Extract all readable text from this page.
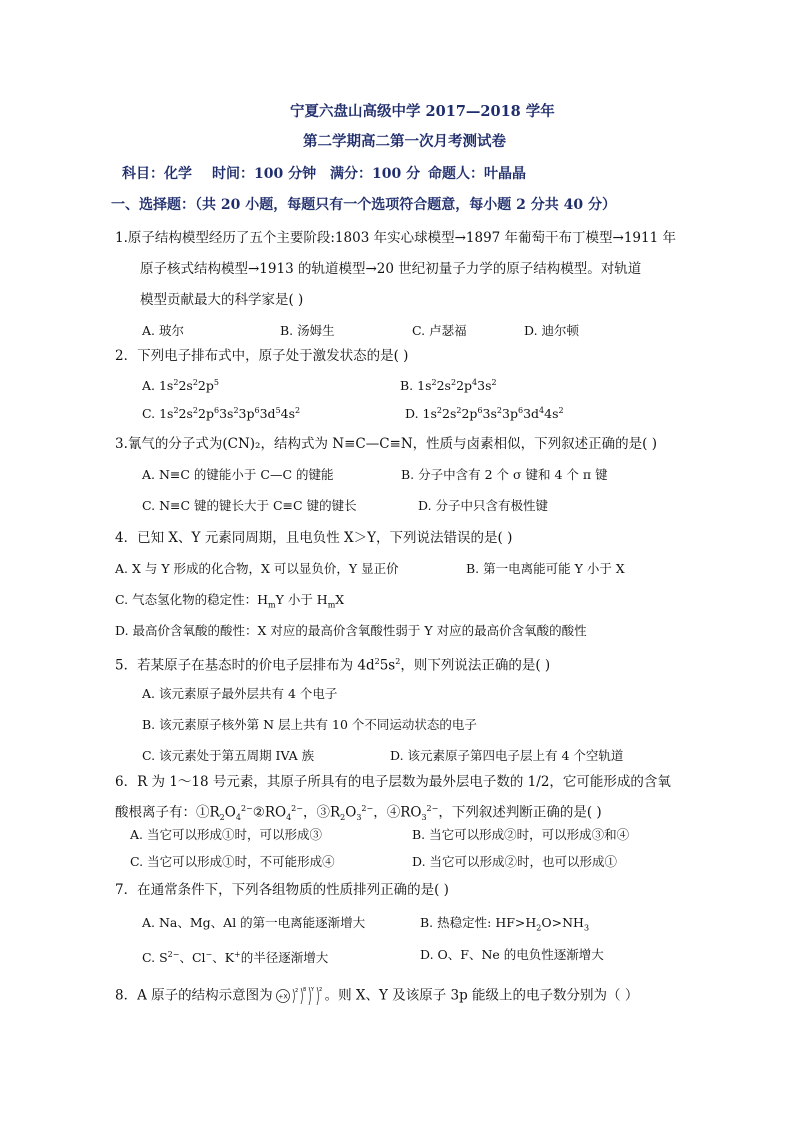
宁夏六盘山高级中学 2017—2018 学年
第二学期高二第一次月考测试卷
科目：化学 时间：100 分钟 满分：100 分 命题人：叶晶晶
一、选择题：（共 20 小题，每题只有一个选项符合题意，每小题 2 分共 40 分）
1.原子结构模型经历了五个主要阶段:1803 年实心球模型→1897 年葡萄干布丁模型→1911 年
原子核式结构模型→1913 的轨道模型→20 世纪初量子力学的原子结构模型。对轨道
模型贡献最大的科学家是( )
A. 玻尔	B. 汤姆生	C. 卢瑟福	D. 迪尔顿
2．下列电子排布式中，原子处于激发状态的是( )
A. $1s^22s^22p^5$	B. $1s^22s^22p^43s^2$
C. $1s^22s^22p^63s^23p^63d^54s^2$	D. $1s^22s^22p^63s^23p^63d^44s^2$
3.氰气的分子式为(CN)₂，结构式为 N≡C—C≡N，性质与卤素相似，下列叙述正确的是( )
A. N≡C 的键能小于 C—C 的键能	B. 分子中含有 2 个 σ 键和 4 个 π 键
C. N≡C 键的键长大于 C≡C 键的键长	D. 分子中只含有极性键
4．已知 X、Y 元素同周期，且电负性 X＞Y，下列说法错误的是( )
A. X 与 Y 形成的化合物，X 可以显负价，Y 显正价	B. 第一电离能可能 Y 小于 X
C. 气态氢化物的稳定性：$H_mY$ 小于 $H_mX$
D. 最高价含氧酸的酸性：X 对应的最高价含氧酸性弱于 Y 对应的最高价含氧酸的酸性
5．若某原子在基态时的价电子层排布为 $4d^25s^2$，则下列说法正确的是( )
A. 该元素原子最外层共有 4 个电子
B. 该元素原子核外第 N 层上共有 10 个不同运动状态的电子
C. 该元素处于第五周期 IVA 族	D. 该元素原子第四电子层上有 4 个空轨道
6．R 为 1～18 号元素，其原子所具有的电子层数为最外层电子数的 1/2，它可能形成的含氧
酸根离子有：$①R_2O_4^{2-}②RO_4^{2-}$，$③R_2O_3^{2-}$，$④RO_3^{2-}$，下列叙述判断正确的是( )
A. 当它可以形成①时，可以形成③	B. 当它可以形成②时，可以形成③和④
C. 当它可以形成①时，不可能形成④	D. 当它可以形成②时，也可以形成①
7．在通常条件下，下列各组物质的性质排列正确的是( )
A. Na、Mg、Al 的第一电离能逐渐增大	B. 热稳定性: $HF>H_2O>NH_3$
C. $S^{2-}$、Cl−、K+的半径逐渐增大	D. O、F、Ne 的电负性逐渐增大
8．A 原子的结构示意图为 +X
2 8 Y 2 。则 X、Y 及该原子 3p 能级上的电子数分别为（ ）
